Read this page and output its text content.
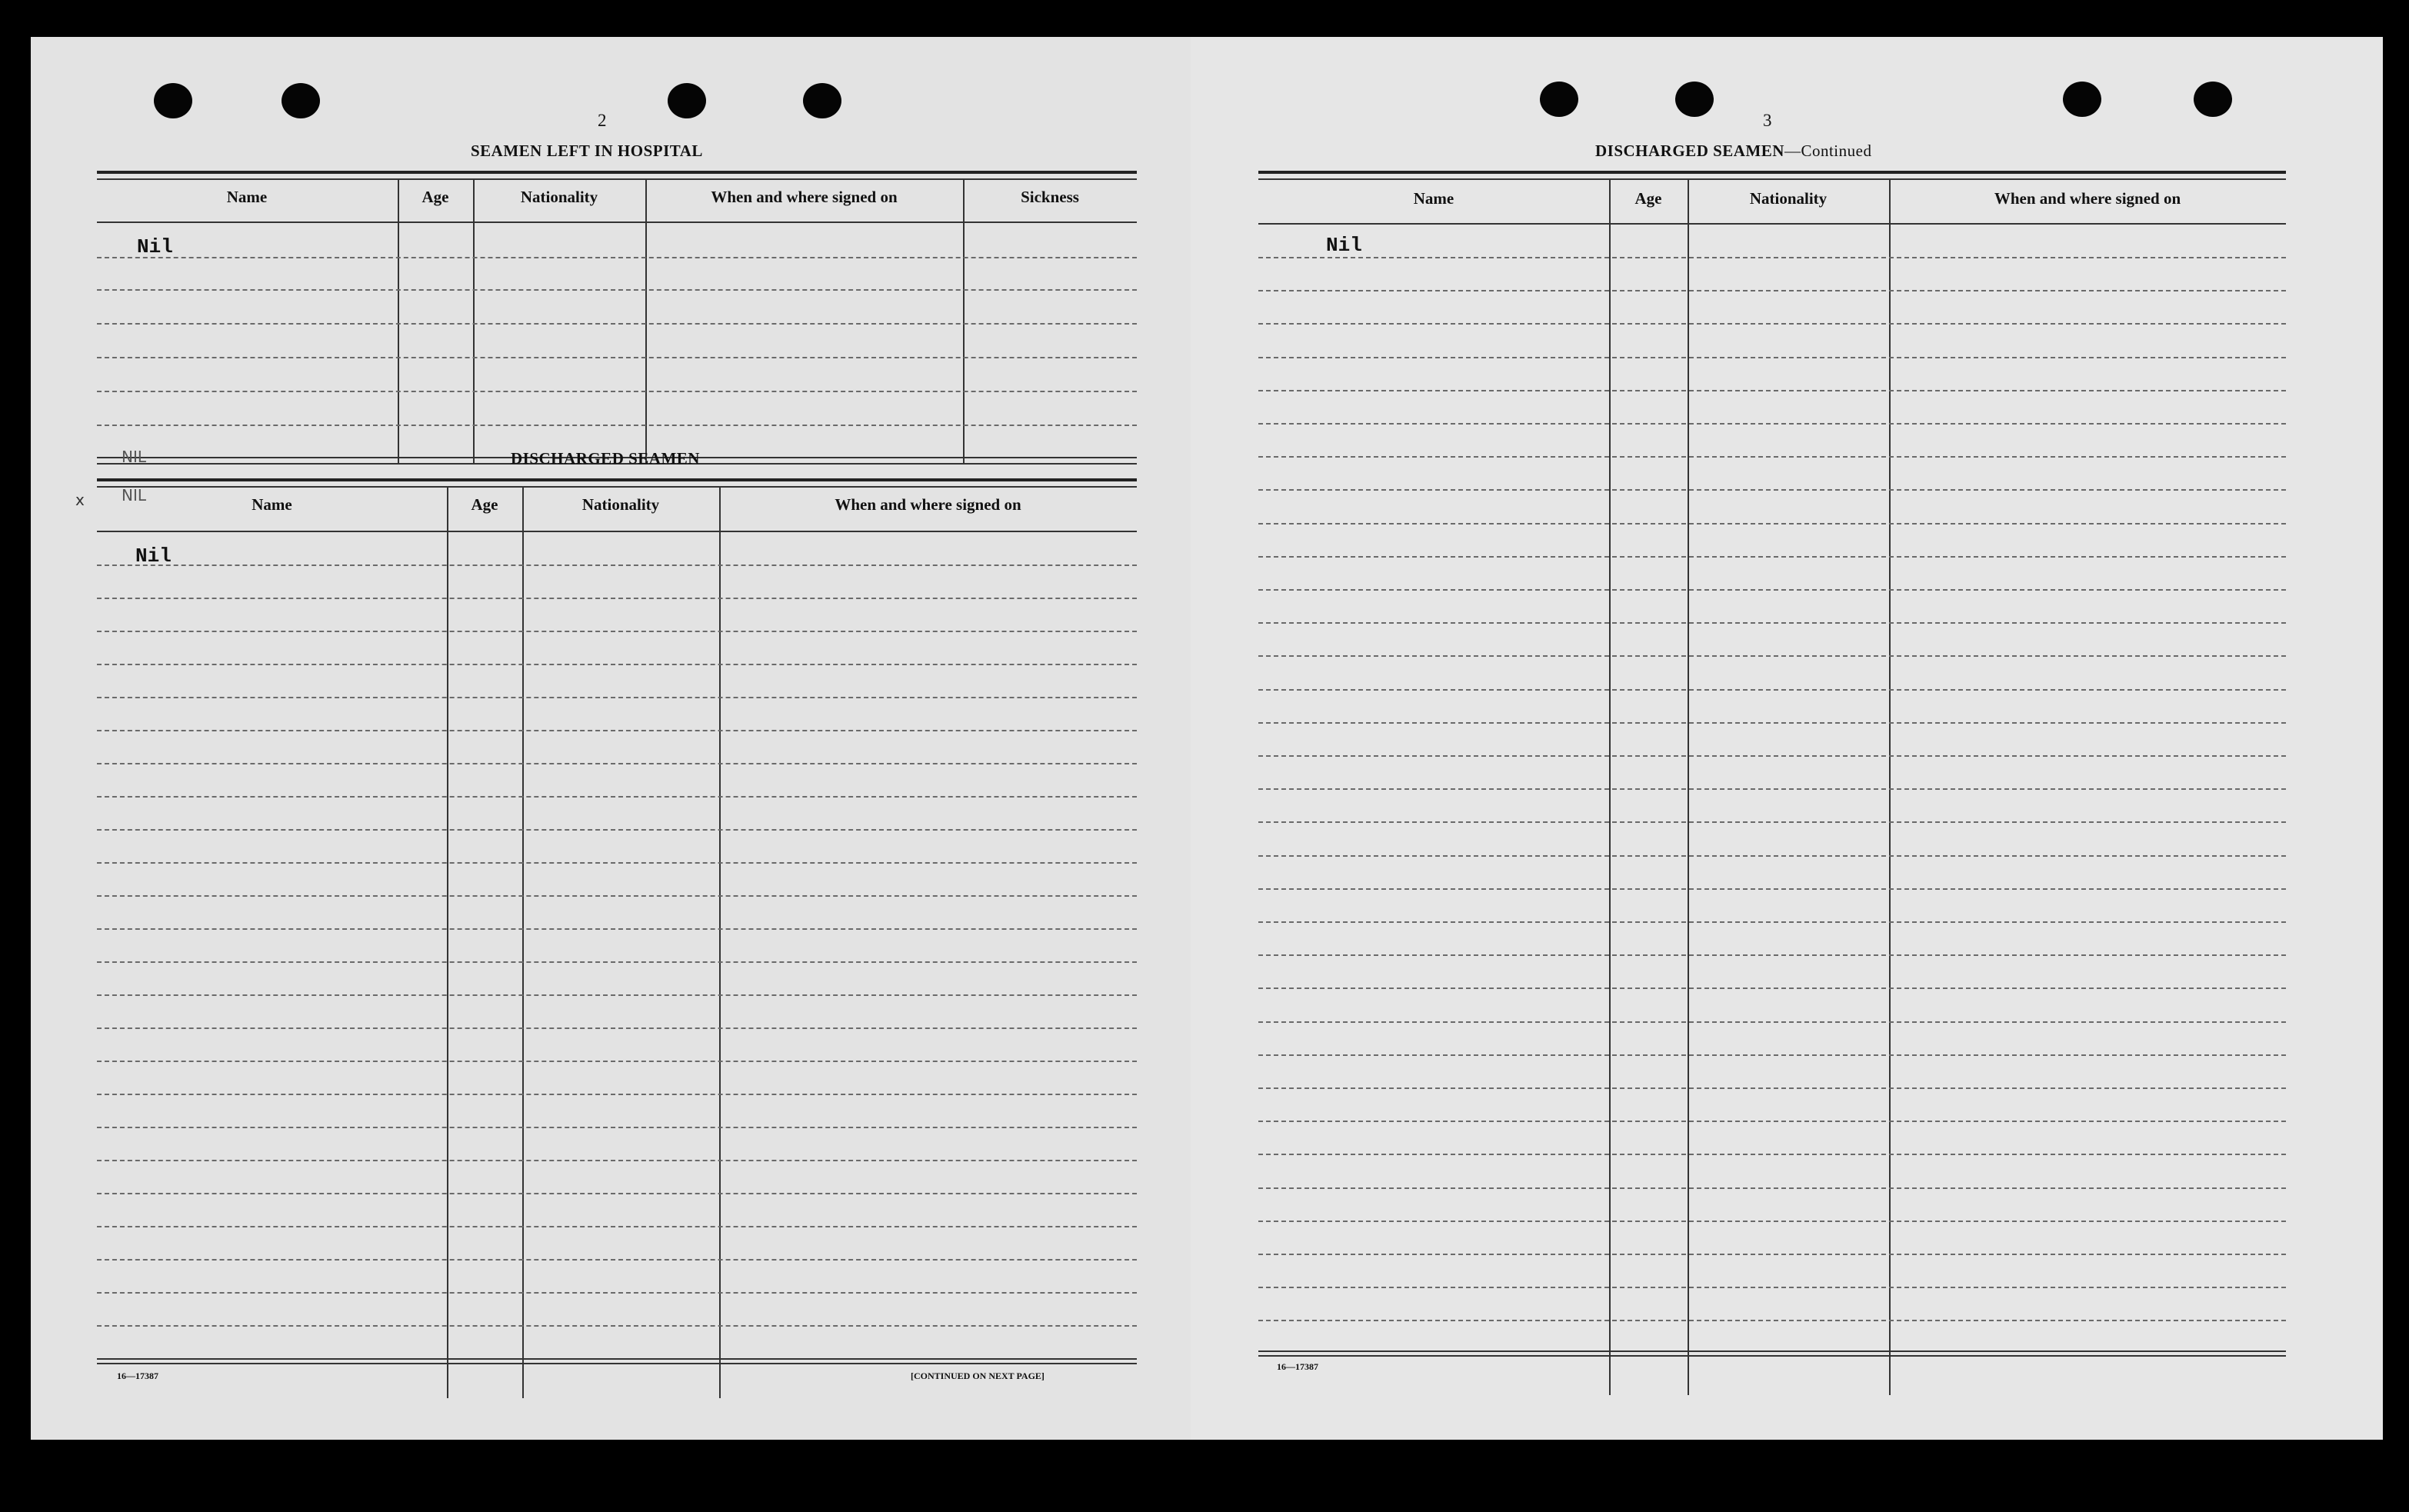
2
SEAMEN LEFT IN HOSPITAL
Name	Age	Nationality	When and where signed on	Sickness
Nil
DISCHARGED SEAMEN
Name	Age	Nationality	When and where signed on
Nil
16—17387	[CONTINUED ON NEXT PAGE]
x
NIL
NIL
3
DISCHARGED SEAMEN—Continued
Name	Age	Nationality	When and where signed on
Nil
16—17387
